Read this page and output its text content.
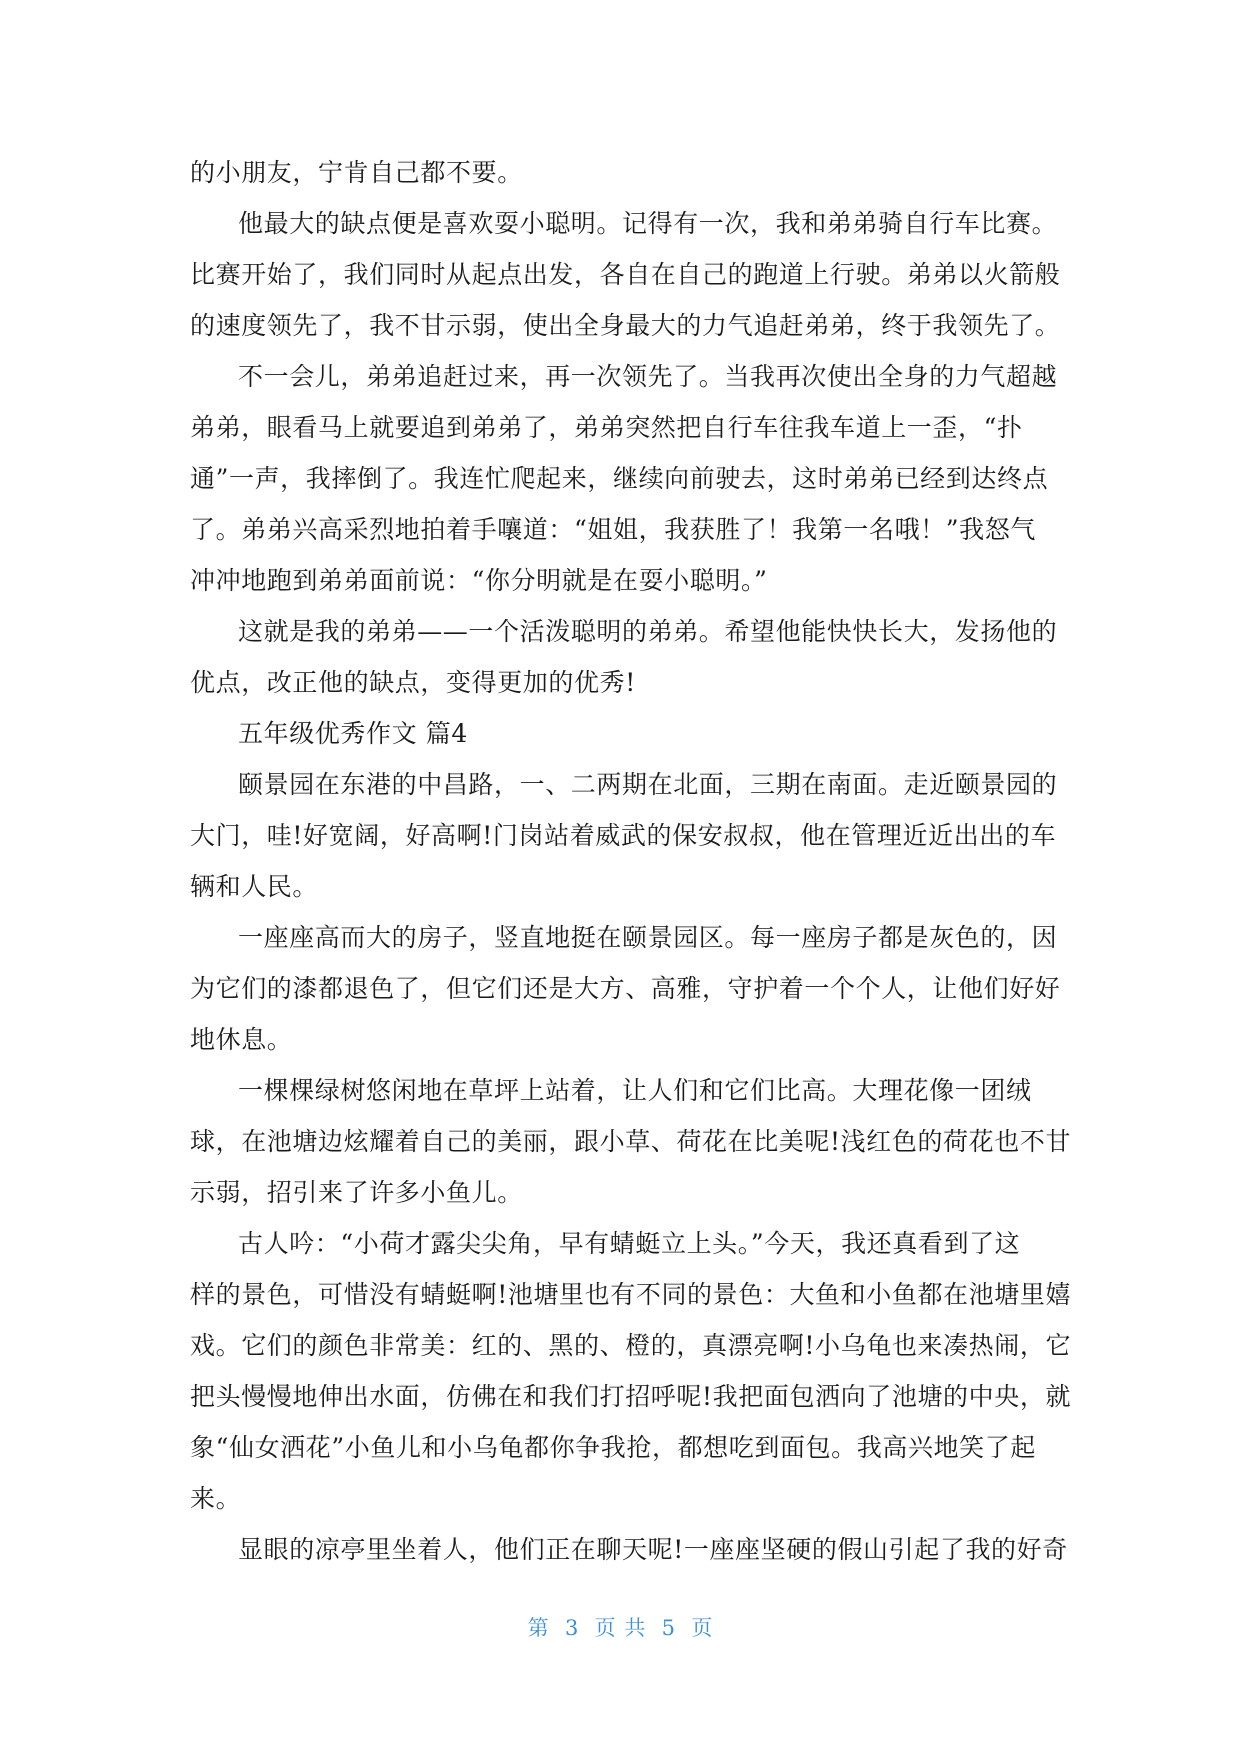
的小朋友，宁肯自己都不要。
他最大的缺点便是喜欢耍小聪明。记得有一次，我和弟弟骑自行车比赛。
比赛开始了，我们同时从起点出发，各自在自己的跑道上行驶。弟弟以火箭般
的速度领先了，我不甘示弱，使出全身最大的力气追赶弟弟，终于我领先了。
不一会儿，弟弟追赶过来，再一次领先了。当我再次使出全身的力气超越
弟弟，眼看马上就要追到弟弟了，弟弟突然把自行车往我车道上一歪，“扑
通”一声，我摔倒了。我连忙爬起来，继续向前驶去，这时弟弟已经到达终点
了。弟弟兴高采烈地拍着手嚷道：“姐姐，我获胜了！我第一名哦！”我怒气
冲冲地跑到弟弟面前说：“你分明就是在耍小聪明。”
这就是我的弟弟——一个活泼聪明的弟弟。希望他能快快长大，发扬他的
优点，改正他的缺点，变得更加的优秀!
五年级优秀作文 篇4
颐景园在东港的中昌路，一、二两期在北面，三期在南面。走近颐景园的
大门，哇!好宽阔，好高啊!门岗站着威武的保安叔叔，他在管理近近出出的车
辆和人民。
一座座高而大的房子，竖直地挺在颐景园区。每一座房子都是灰色的，因
为它们的漆都退色了，但它们还是大方、高雅，守护着一个个人，让他们好好
地休息。
一棵棵绿树悠闲地在草坪上站着，让人们和它们比高。大理花像一团绒
球，在池塘边炫耀着自己的美丽，跟小草、荷花在比美呢!浅红色的荷花也不甘
示弱，招引来了许多小鱼儿。
古人吟：“小荷才露尖尖角，早有蜻蜓立上头。”今天，我还真看到了这
样的景色，可惜没有蜻蜓啊!池塘里也有不同的景色：大鱼和小鱼都在池塘里嬉
戏。它们的颜色非常美：红的、黑的、橙的，真漂亮啊!小乌龟也来凑热闹，它
把头慢慢地伸出水面，仿佛在和我们打招呼呢!我把面包洒向了池塘的中央，就
象“仙女洒花”小鱼儿和小乌龟都你争我抢，都想吃到面包。我高兴地笑了起
来。
显眼的凉亭里坐着人，他们正在聊天呢!一座座坚硬的假山引起了我的好奇
第  3  页 共  5  页
